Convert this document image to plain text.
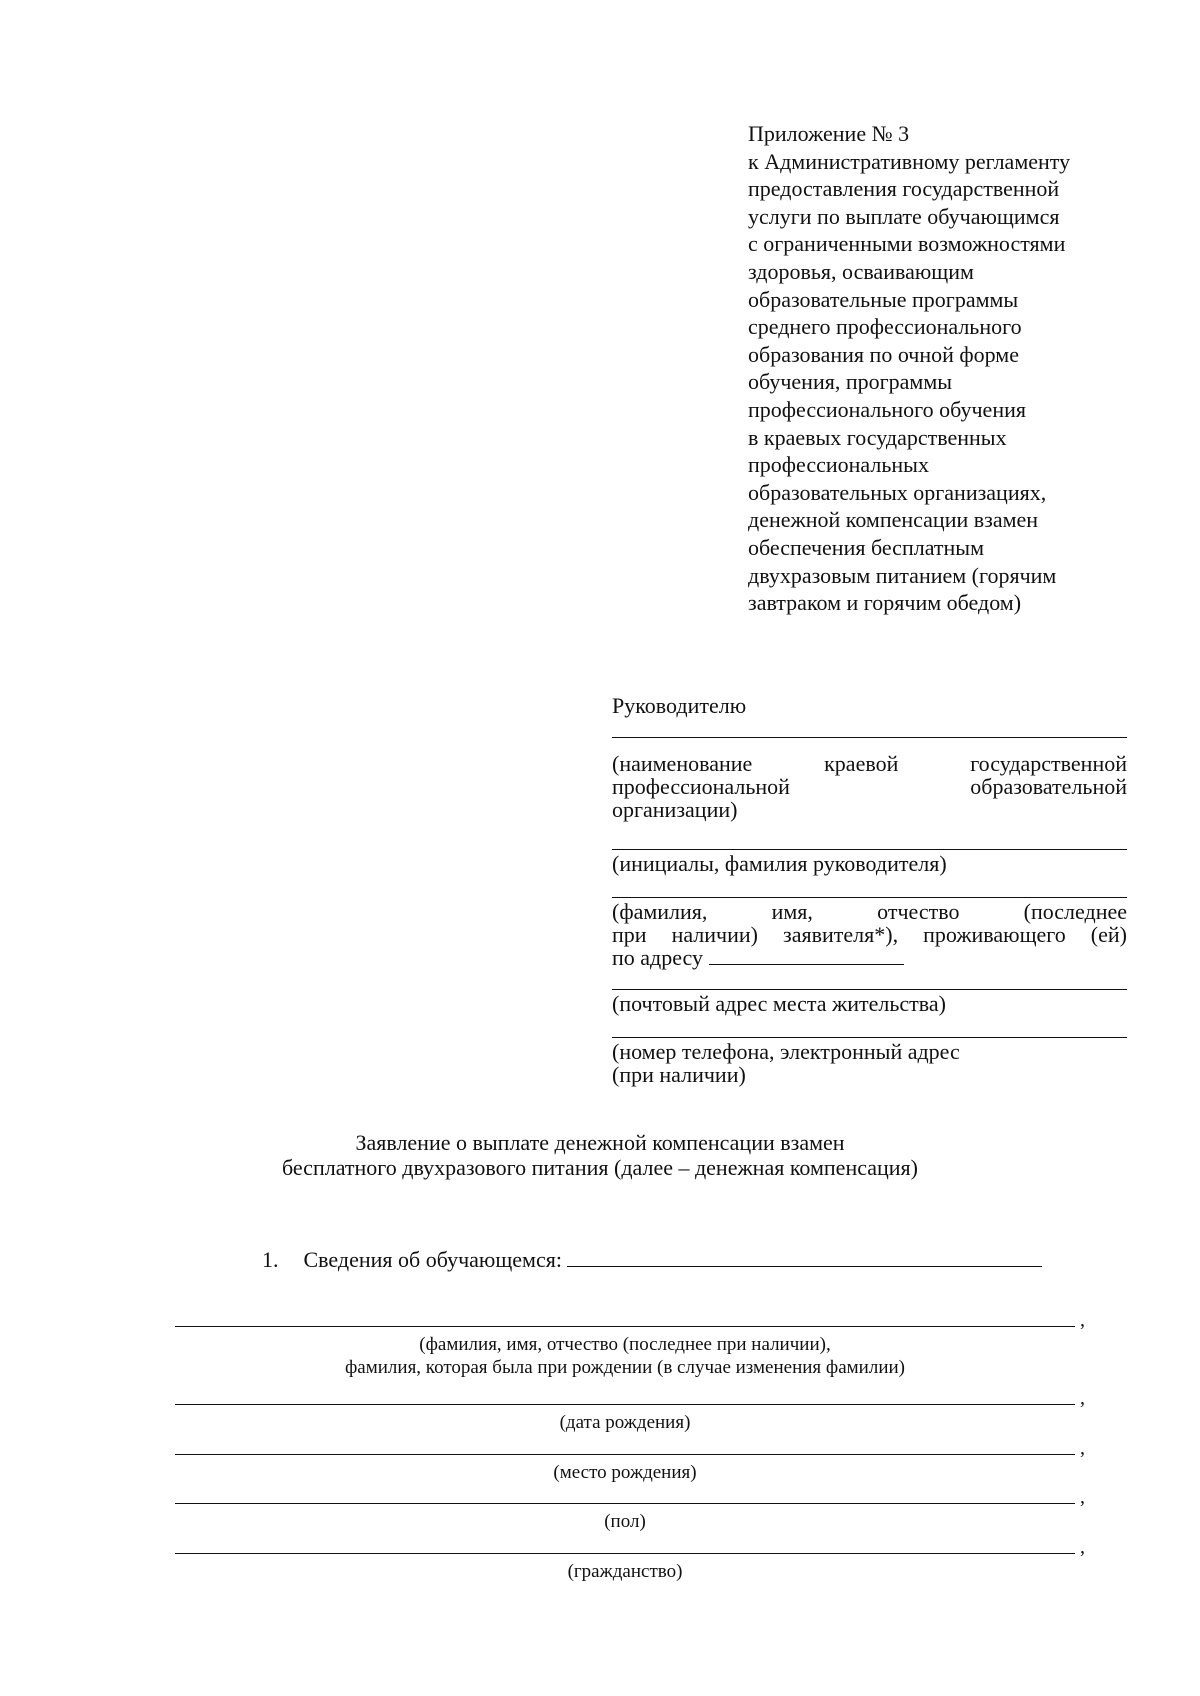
Приложение № 3
к Административному регламенту
предоставления государственной
услуги по выплате обучающимся
с ограниченными возможностями
здоровья, осваивающим
образовательные программы
среднего профессионального
образования по очной форме
обучения, программы
профессионального обучения
в краевых государственных
профессиональных
образовательных организациях,
денежной компенсации взамен
обеспечения бесплатным
двухразовым питанием (горячим
завтраком и горячим обедом)
Руководителю
(наименование краевой государственной
профессиональной образовательной
организации)
(инициалы, фамилия руководителя)
(фамилия, имя, отчество (последнее
при наличии) заявителя*), проживающего (ей)
по адресу
(почтовый адрес места жительства)
(номер телефона, электронный адрес
(при наличии)
Заявление о выплате денежной компенсации взамен
бесплатного двухразового питания (далее – денежная компенсация)
1. Сведения об обучающемся:
,
(фамилия, имя, отчество (последнее при наличии),
фамилия, которая была при рождении (в случае изменения фамилии)
,
(дата рождения)
,
(место рождения)
,
(пол)
,
(гражданство)
